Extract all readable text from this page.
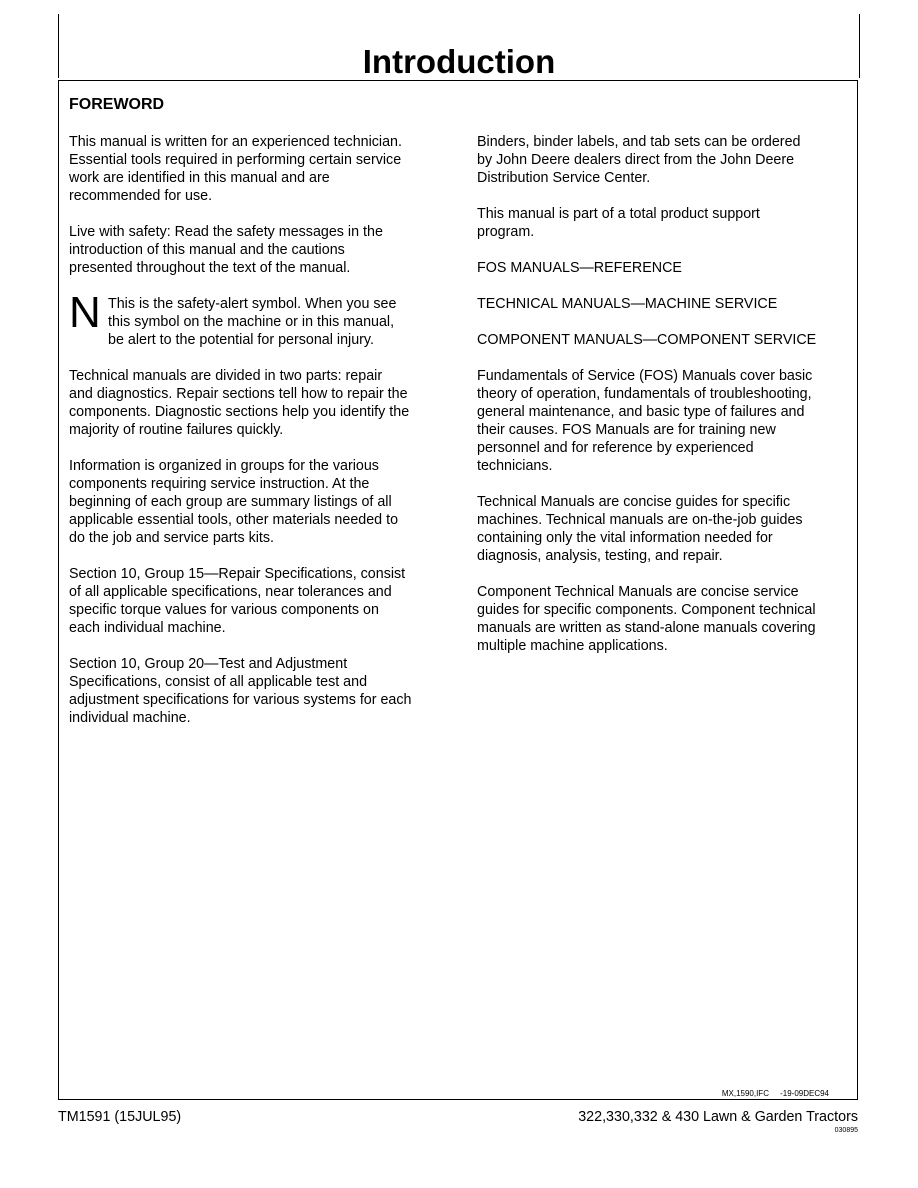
Introduction
FOREWORD

This manual is written for an experienced technician.
Essential tools required in performing certain service
work are identified in this manual and are
recommended for use.

Live with safety: Read the safety messages in the
introduction of this manual and the cautions
presented throughout the text of the manual.

N This is the safety-alert symbol. When you see
this symbol on the machine or in this manual,
be alert to the potential for personal injury.

Technical manuals are divided in two parts: repair
and diagnostics. Repair sections tell how to repair the
components. Diagnostic sections help you identify the
majority of routine failures quickly.

Information is organized in groups for the various
components requiring service instruction. At the
beginning of each group are summary listings of all
applicable essential tools, other materials needed to
do the job and service parts kits.

Section 10, Group 15—Repair Specifications, consist
of all applicable specifications, near tolerances and
specific torque values for various components on
each individual machine.

Section 10, Group 20—Test and Adjustment
Specifications, consist of all applicable test and
adjustment specifications for various systems for each
individual machine.

Binders, binder labels, and tab sets can be ordered
by John Deere dealers direct from the John Deere
Distribution Service Center.

This manual is part of a total product support
program.

FOS MANUALS—REFERENCE

TECHNICAL MANUALS—MACHINE SERVICE

COMPONENT MANUALS—COMPONENT SERVICE

Fundamentals of Service (FOS) Manuals cover basic
theory of operation, fundamentals of troubleshooting,
general maintenance, and basic type of failures and
their causes. FOS Manuals are for training new
personnel and for reference by experienced
technicians.

Technical Manuals are concise guides for specific
machines. Technical manuals are on-the-job guides
containing only the vital information needed for
diagnosis, analysis, testing, and repair.

Component Technical Manuals are concise service
guides for specific components. Component technical
manuals are written as stand-alone manuals covering
multiple machine applications.

MX,1590,IFC     -19-09DEC94
TM1591 (15JUL95)	322,330,332 & 430 Lawn & Garden Tractors
030895
